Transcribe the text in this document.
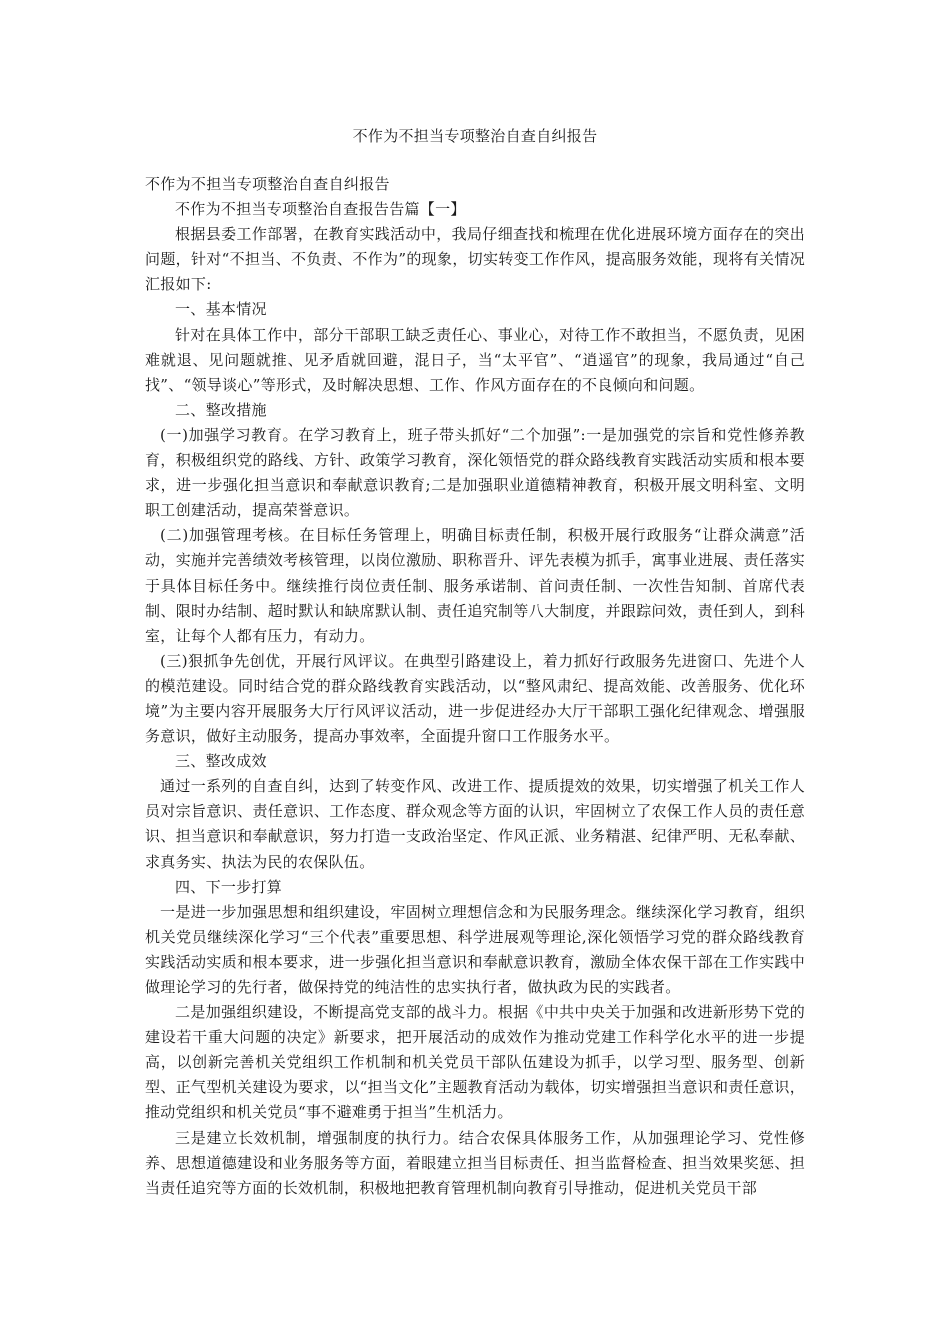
不作为不担当专项整治自查自纠报告

不作为不担当专项整治自查自纠报告

不作为不担当专项整治自查报告告篇【一】

根据县委工作部署，在教育实践活动中，我局仔细查找和梳理在优化进展环境方面存在的突出问题，针对“不担当、不负责、不作为”的现象，切实转变工作作风，提高服务效能，现将有关情况汇报如下:

一、基本情况

针对在具体工作中，部分干部职工缺乏责任心、事业心，对待工作不敢担当，不愿负责，见困难就退、见问题就推、见矛盾就回避，混日子，当“太平官”、“逍遥官”的现象，我局通过“自己找”、“领导谈心”等形式，及时解决思想、工作、作风方面存在的不良倾向和问题。

二、整改措施

(一)加强学习教育。在学习教育上，班子带头抓好“二个加强”:一是加强党的宗旨和党性修养教育，积极组织党的路线、方针、政策学习教育，深化领悟党的群众路线教育实践活动实质和根本要求，进一步强化担当意识和奉献意识教育;二是加强职业道德精神教育，积极开展文明科室、文明职工创建活动，提高荣誉意识。

(二)加强管理考核。在目标任务管理上，明确目标责任制，积极开展行政服务“让群众满意”活动，实施并完善绩效考核管理，以岗位激励、职称晋升、评先表模为抓手，寓事业进展、责任落实于具体目标任务中。继续推行岗位责任制、服务承诺制、首问责任制、一次性告知制、首席代表制、限时办结制、超时默认和缺席默认制、责任追究制等八大制度，并跟踪问效，责任到人，到科室，让每个人都有压力，有动力。

(三)狠抓争先创优，开展行风评议。在典型引路建设上，着力抓好行政服务先进窗口、先进个人的模范建设。同时结合党的群众路线教育实践活动，以“整风肃纪、提高效能、改善服务、优化环境”为主要内容开展服务大厅行风评议活动，进一步促进经办大厅干部职工强化纪律观念、增强服务意识，做好主动服务，提高办事效率，全面提升窗口工作服务水平。

三、整改成效

通过一系列的自查自纠，达到了转变作风、改进工作、提质提效的效果，切实增强了机关工作人员对宗旨意识、责任意识、工作态度、群众观念等方面的认识，牢固树立了农保工作人员的责任意识、担当意识和奉献意识，努力打造一支政治坚定、作风正派、业务精湛、纪律严明、无私奉献、求真务实、执法为民的农保队伍。

四、下一步打算

一是进一步加强思想和组织建设，牢固树立理想信念和为民服务理念。继续深化学习教育，组织机关党员继续深化学习“三个代表”重要思想、科学进展观等理论,深化领悟学习党的群众路线教育实践活动实质和根本要求，进一步强化担当意识和奉献意识教育，激励全体农保干部在工作实践中做理论学习的先行者，做保持党的纯洁性的忠实执行者，做执政为民的实践者。

二是加强组织建设，不断提高党支部的战斗力。根据《中共中央关于加强和改进新形势下党的建设若干重大问题的决定》新要求，把开展活动的成效作为推动党建工作科学化水平的进一步提高，以创新完善机关党组织工作机制和机关党员干部队伍建设为抓手，以学习型、服务型、创新型、正气型机关建设为要求，以“担当文化”主题教育活动为载体，切实增强担当意识和责任意识，推动党组织和机关党员“事不避难勇于担当”生机活力。

三是建立长效机制，增强制度的执行力。结合农保具体服务工作，从加强理论学习、党性修养、思想道德建设和业务服务等方面，着眼建立担当目标责任、担当监督检查、担当效果奖惩、担当责任追究等方面的长效机制，积极地把教育管理机制向教育引导推动，促进机关党员干部
